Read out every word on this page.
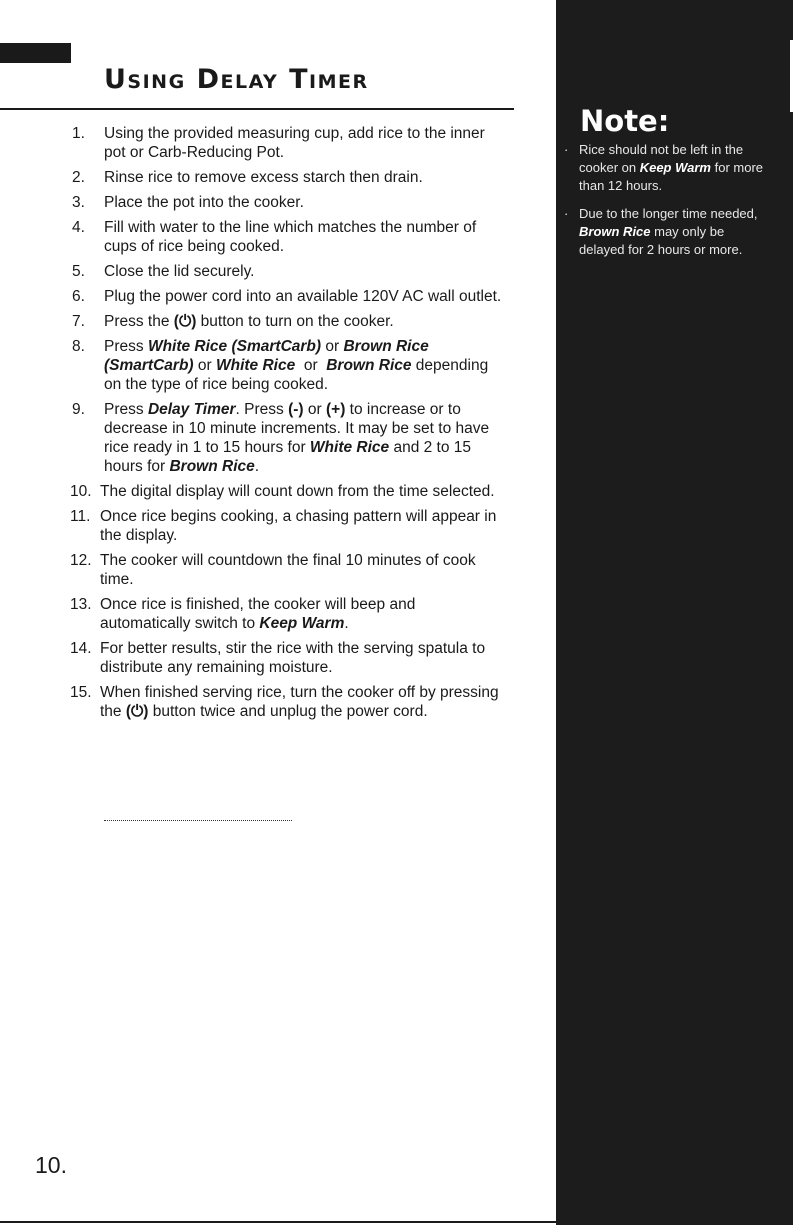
Using Delay Timer
1.	Using the provided measuring cup, add rice to the inner pot or Carb-Reducing Pot.
2.	Rinse rice to remove excess starch then drain.
3.	Place the pot into the cooker.
4.	Fill with water to the line which matches the number of cups of rice being cooked.
5.	Close the lid securely.
6.	Plug the power cord into an available 120V AC wall outlet.
7.	Press the (⏻) button to turn on the cooker.
8.	Press White Rice (SmartCarb) or Brown Rice (SmartCarb) or White Rice  or  Brown Rice depending on the type of rice being cooked.
9.	Press Delay Timer. Press (-) or (+) to increase or to decrease in 10 minute increments. It may be set to have rice ready in 1 to 15 hours for White Rice and 2 to 15 hours for Brown Rice.
10. The digital display will count down from the time selected.
11. Once rice begins cooking, a chasing pattern will appear in the display.
12. The cooker will countdown the final 10 minutes of cook time.
13. Once rice is finished, the cooker will beep and automatically switch to Keep Warm.
14. For better results, stir the rice with the serving spatula to distribute any remaining moisture.
15. When finished serving rice, turn the cooker off by pressing the (⏻) button twice and unplug the power cord.
10.
Note:
· Rice should not be left in the cooker on Keep Warm for more than 12 hours.
· Due to the longer time needed, Brown Rice may only be delayed for 2 hours or more.
